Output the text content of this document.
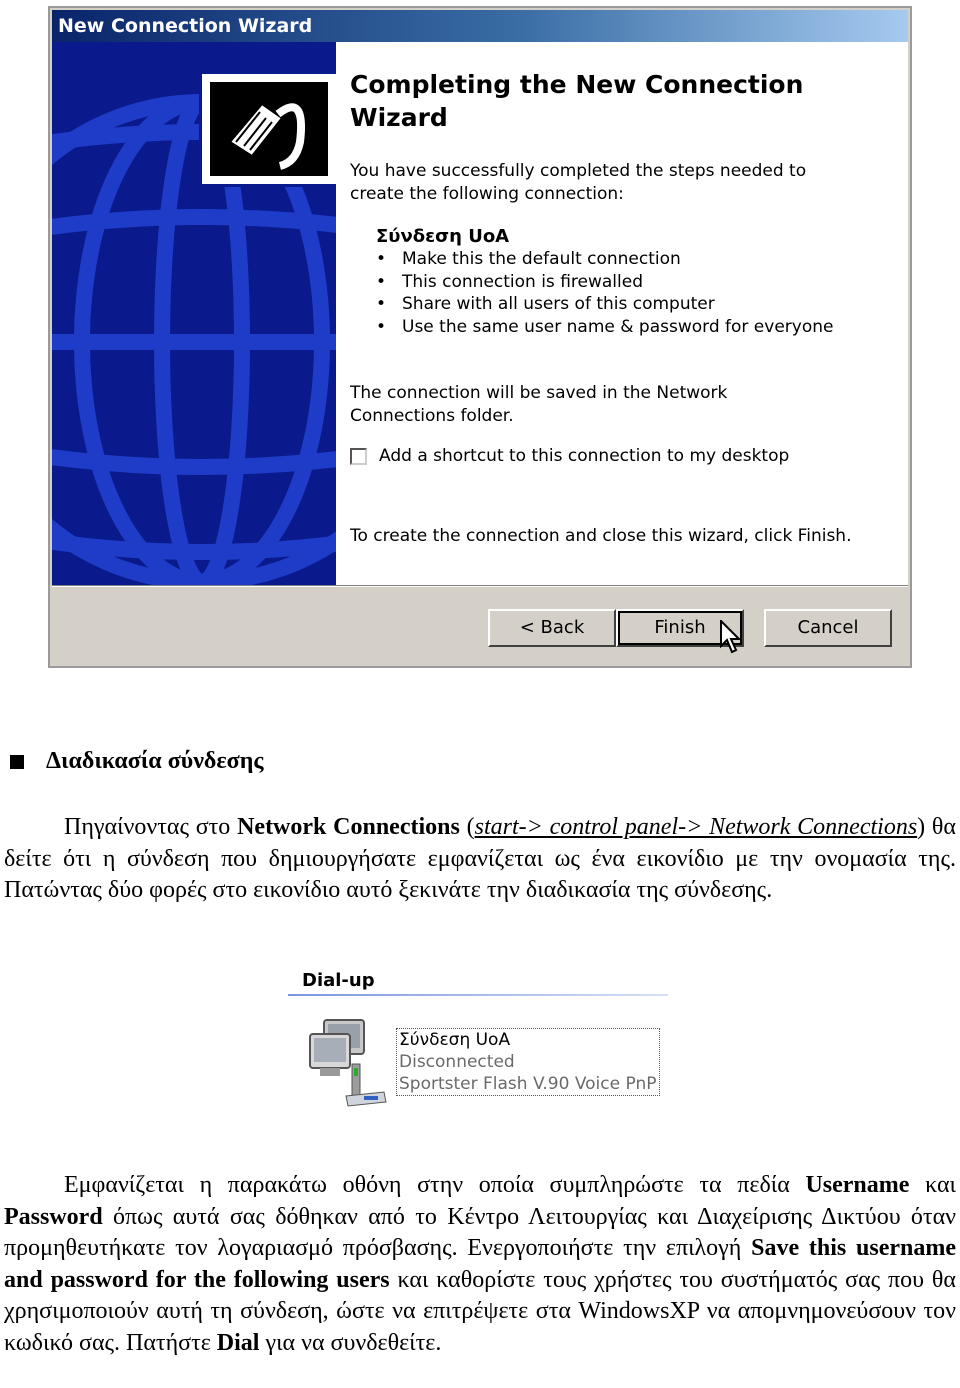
New Connection Wizard
Completing the New Connection Wizard
You have successfully completed the steps needed to create the following connection:
Σύνδεση UoA
• Make this the default connection
• This connection is firewalled
• Share with all users of this computer
• Use the same user name & password for everyone
The connection will be saved in the Network Connections folder.
Add a shortcut to this connection to my desktop
To create the connection and close this wizard, click Finish.
< Back	Finish	Cancel
Διαδικασία σύνδεσης

Πηγαίνοντας στο Network Connections (start-> control panel-> Network Connections) θα δείτε ότι η σύνδεση που δημιουργήσατε εμφανίζεται ως ένα εικονίδιο με την ονομασία της. Πατώντας δύο φορές στο εικονίδιο αυτό ξεκινάτε την διαδικασία της σύνδεσης.

Dial-up
Σύνδεση UoA
Disconnected
Sportster Flash V.90 Voice PnP

Εμφανίζεται η παρακάτω οθόνη στην οποία συμπληρώστε τα πεδία Username και Password όπως αυτά σας δόθηκαν από το Κέντρο Λειτουργίας και Διαχείρισης Δικτύου όταν προμηθευτήκατε τον λογαριασμό πρόσβασης. Ενεργοποιήστε την επιλογή Save this username and password for the following users και καθορίστε τους χρήστες του συστήματός σας που θα χρησιμοποιούν αυτή τη σύνδεση, ώστε να επιτρέψετε στα WindowsXP να απομνημονεύσουν τον κωδικό σας. Πατήστε Dial για να συνδεθείτε.
